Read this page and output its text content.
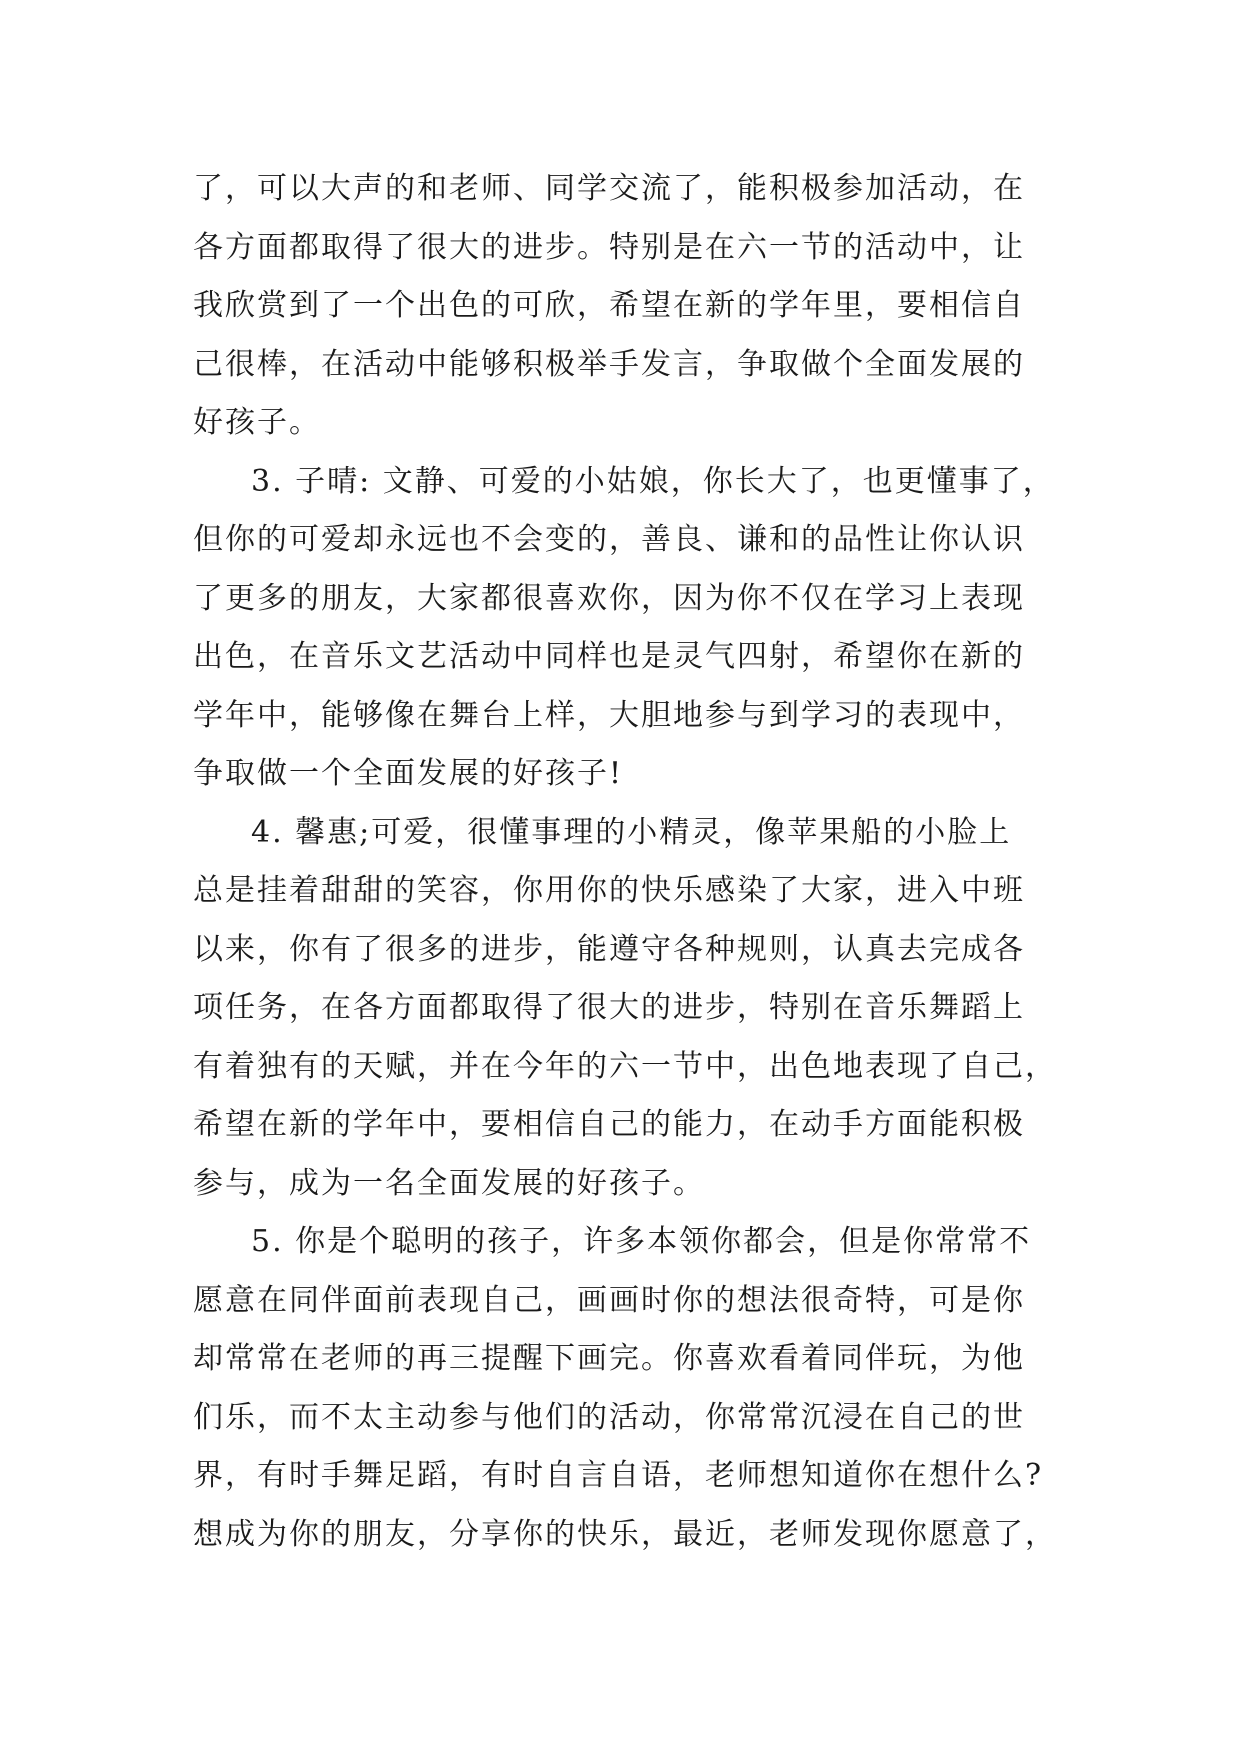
了，可以大声的和老师、同学交流了，能积极参加活动，在
各方面都取得了很大的进步。特别是在六一节的活动中，让
我欣赏到了一个出色的可欣，希望在新的学年里，要相信自
己很棒，在活动中能够积极举手发言，争取做个全面发展的
好孩子。
3. 子晴: 文静、可爱的小姑娘，你长大了，也更懂事了，
但你的可爱却永远也不会变的，善良、谦和的品性让你认识
了更多的朋友，大家都很喜欢你，因为你不仅在学习上表现
出色，在音乐文艺活动中同样也是灵气四射，希望你在新的
学年中，能够像在舞台上样，大胆地参与到学习的表现中，
争取做一个全面发展的好孩子!
4. 馨惠;可爱，很懂事理的小精灵，像苹果船的小脸上
总是挂着甜甜的笑容，你用你的快乐感染了大家，进入中班
以来，你有了很多的进步，能遵守各种规则，认真去完成各
项任务，在各方面都取得了很大的进步，特别在音乐舞蹈上
有着独有的天赋，并在今年的六一节中，出色地表现了自己，
希望在新的学年中，要相信自己的能力，在动手方面能积极
参与，成为一名全面发展的好孩子。
5. 你是个聪明的孩子，许多本领你都会，但是你常常不
愿意在同伴面前表现自己，画画时你的想法很奇特，可是你
却常常在老师的再三提醒下画完。你喜欢看着同伴玩，为他
们乐，而不太主动参与他们的活动，你常常沉浸在自己的世
界，有时手舞足蹈，有时自言自语，老师想知道你在想什么?
想成为你的朋友，分享你的快乐，最近，老师发现你愿意了，
